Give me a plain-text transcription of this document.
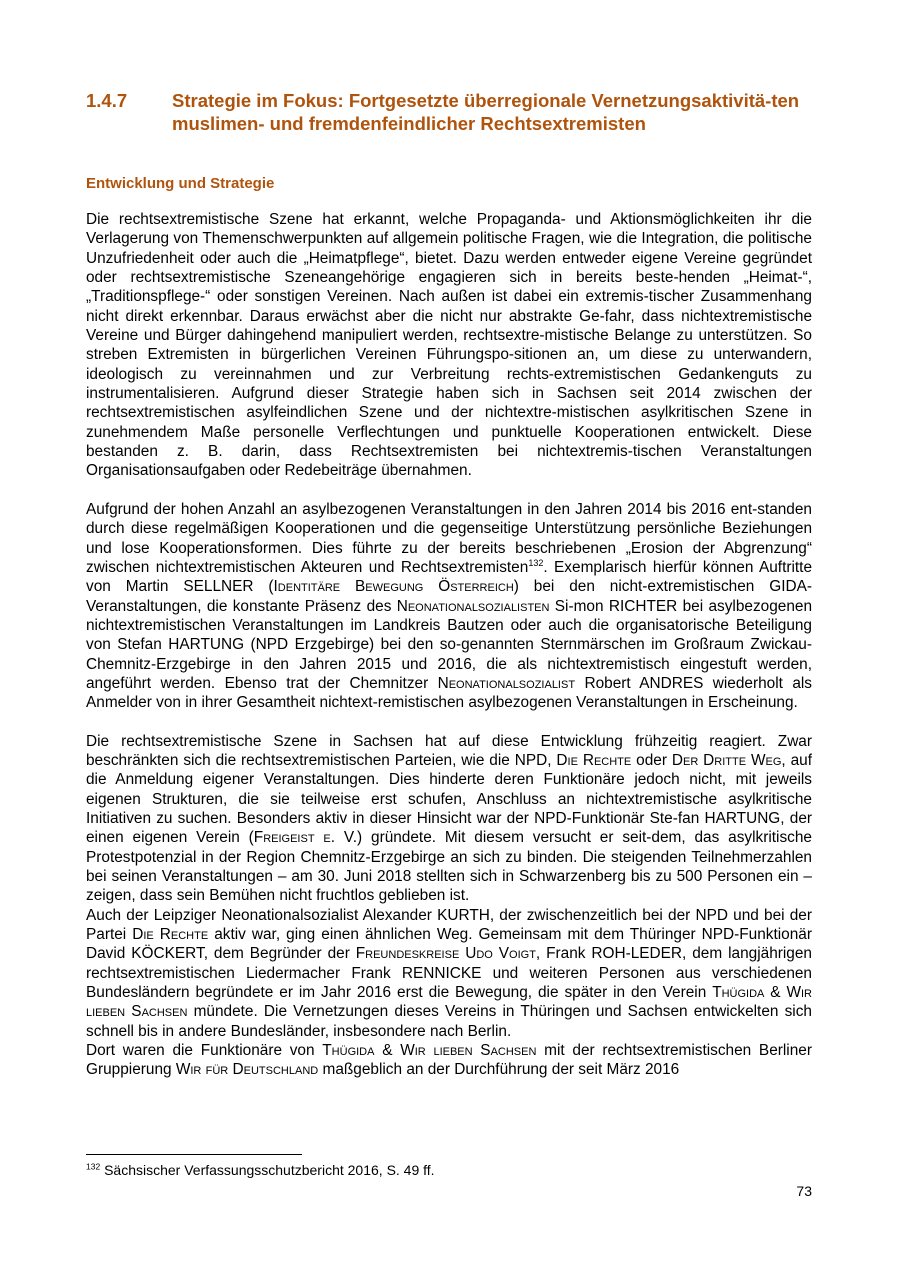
1.4.7 Strategie im Fokus: Fortgesetzte überregionale Vernetzungsaktivitä-ten muslimen- und fremdenfeindlicher Rechtsextremisten
Entwicklung und Strategie

Die rechtsextremistische Szene hat erkannt, welche Propaganda- und Aktionsmöglichkeiten ihr die Verlagerung von Themenschwerpunkten auf allgemein politische Fragen, wie die Integration, die politische Unzufriedenheit oder auch die „Heimatpflege“, bietet. Dazu werden entweder eigene Vereine gegründet oder rechtsextremistische Szeneangehörige engagieren sich in bereits beste-henden „Heimat-“, „Traditionspflege-“ oder sonstigen Vereinen. Nach außen ist dabei ein extremis-tischer Zusammenhang nicht direkt erkennbar. Daraus erwächst aber die nicht nur abstrakte Ge-fahr, dass nichtextremistische Vereine und Bürger dahingehend manipuliert werden, rechtsextre-mistische Belange zu unterstützen. So streben Extremisten in bürgerlichen Vereinen Führungspo-sitionen an, um diese zu unterwandern, ideologisch zu vereinnahmen und zur Verbreitung rechts-extremistischen Gedankenguts zu instrumentalisieren. Aufgrund dieser Strategie haben sich in Sachsen seit 2014 zwischen der rechtsextremistischen asylfeindlichen Szene und der nichtextre-mistischen asylkritischen Szene in zunehmendem Maße personelle Verflechtungen und punktuelle Kooperationen entwickelt. Diese bestanden z. B. darin, dass Rechtsextremisten bei nichtextremis-tischen Veranstaltungen Organisationsaufgaben oder Redebeiträge übernahmen.

Aufgrund der hohen Anzahl an asylbezogenen Veranstaltungen in den Jahren 2014 bis 2016 ent-standen durch diese regelmäßigen Kooperationen und die gegenseitige Unterstützung persönliche Beziehungen und lose Kooperationsformen. Dies führte zu der bereits beschriebenen „Erosion der Abgrenzung“ zwischen nichtextremistischen Akteuren und Rechtsextremisten$^{132}$. Exemplarisch hierfür können Auftritte von Martin SELLNER (Identitäre Bewegung Österreich) bei den nicht-extremistischen GIDA-Veranstaltungen, die konstante Präsenz des Neonationalsozialisten Si-mon RICHTER bei asylbezogenen nichtextremistischen Veranstaltungen im Landkreis Bautzen oder auch die organisatorische Beteiligung von Stefan HARTUNG (NPD Erzgebirge) bei den so-genannten Sternmärschen im Großraum Zwickau-Chemnitz-Erzgebirge in den Jahren 2015 und 2016, die als nichtextremistisch eingestuft werden, angeführt werden. Ebenso trat der Chemnitzer Neonationalsozialist Robert ANDRES wiederholt als Anmelder von in ihrer Gesamtheit nichtext-remistischen asylbezogenen Veranstaltungen in Erscheinung.

Die rechtsextremistische Szene in Sachsen hat auf diese Entwicklung frühzeitig reagiert. Zwar beschränkten sich die rechtsextremistischen Parteien, wie die NPD, Die Rechte oder Der Dritte Weg, auf die Anmeldung eigener Veranstaltungen. Dies hinderte deren Funktionäre jedoch nicht, mit jeweils eigenen Strukturen, die sie teilweise erst schufen, Anschluss an nichtextremistische asylkritische Initiativen zu suchen. Besonders aktiv in dieser Hinsicht war der NPD-Funktionär Ste-fan HARTUNG, der einen eigenen Verein (Freigeist e. V.) gründete. Mit diesem versucht er seit-dem, das asylkritische Protestpotenzial in der Region Chemnitz-Erzgebirge an sich zu binden. Die steigenden Teilnehmerzahlen bei seinen Veranstaltungen – am 30. Juni 2018 stellten sich in Schwarzenberg bis zu 500 Personen ein – zeigen, dass sein Bemühen nicht fruchtlos geblieben ist.

Auch der Leipziger Neonationalsozialist Alexander KURTH, der zwischenzeitlich bei der NPD und bei der Partei Die Rechte aktiv war, ging einen ähnlichen Weg. Gemeinsam mit dem Thüringer NPD-Funktionär David KÖCKERT, dem Begründer der Freundeskreise Udo Voigt, Frank ROH-LEDER, dem langjährigen rechtsextremistischen Liedermacher Frank RENNICKE und weiteren Personen aus verschiedenen Bundesländern begründete er im Jahr 2016 erst die Bewegung, die später in den Verein Thügida & Wir lieben Sachsen mündete. Die Vernetzungen dieses Vereins in Thüringen und Sachsen entwickelten sich schnell bis in andere Bundesländer, insbesondere nach Berlin.

Dort waren die Funktionäre von Thügida & Wir lieben Sachsen mit der rechtsextremistischen Berliner Gruppierung Wir für Deutschland maßgeblich an der Durchführung der seit März 2016

$^{132}$ Sächsischer Verfassungsschutzbericht 2016, S. 49 ff.
73
